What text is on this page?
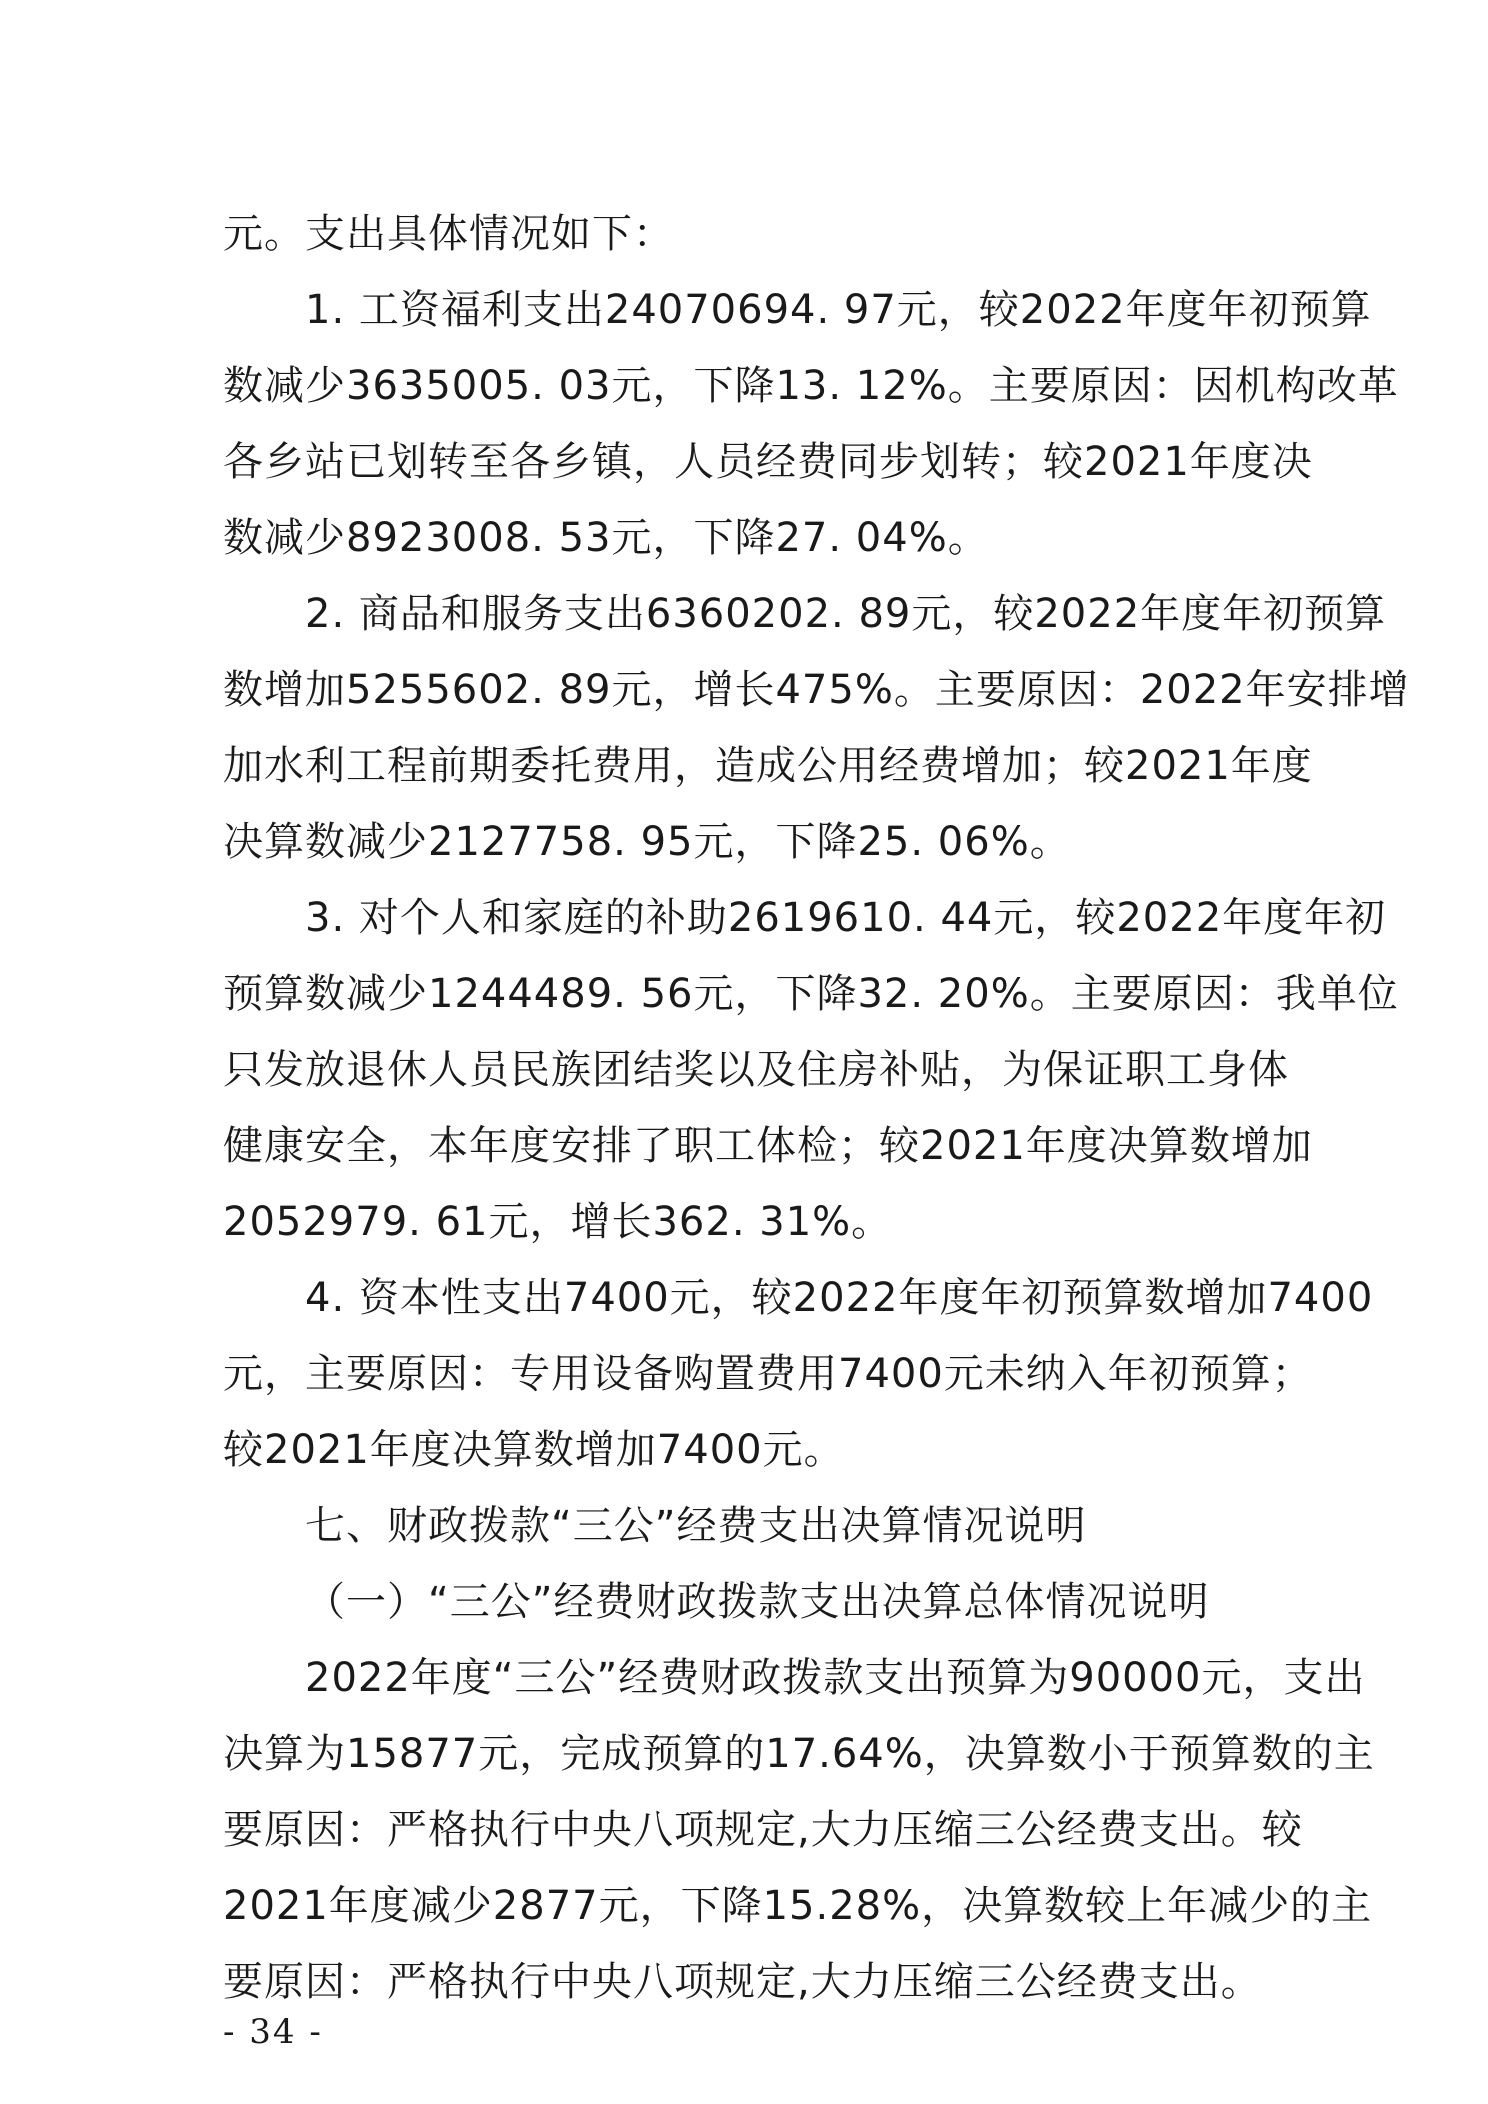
元。支出具体情况如下：
1. 工资福利支出24070694. 97元，较2022年度年初预算
数减少3635005. 03元，下降13. 12%。主要原因：因机构改革
各乡站已划转至各乡镇，人员经费同步划转；较2021年度决
数减少8923008. 53元，下降27. 04%。
2. 商品和服务支出6360202. 89元，较2022年度年初预算
数增加5255602. 89元，增长475%。主要原因：2022年安排增
加水利工程前期委托费用，造成公用经费增加；较2021年度
决算数减少2127758. 95元，下降25. 06%。
3. 对个人和家庭的补助2619610. 44元，较2022年度年初
预算数减少1244489. 56元，下降32. 20%。主要原因：我单位
只发放退休人员民族团结奖以及住房补贴，为保证职工身体
健康安全，本年度安排了职工体检；较2021年度决算数增加
2052979. 61元，增长362. 31%。
4. 资本性支出7400元，较2022年度年初预算数增加7400
元，主要原因：专用设备购置费用7400元未纳入年初预算；
较2021年度决算数增加7400元。
七、财政拨款“三公”经费支出决算情况说明
（一）“三公”经费财政拨款支出决算总体情况说明
2022年度“三公”经费财政拨款支出预算为90000元，支出
决算为15877元，完成预算的17.64%，决算数小于预算数的主
要原因：严格执行中央八项规定,大力压缩三公经费支出。较
2021年度减少2877元，下降15.28%，决算数较上年减少的主
要原因：严格执行中央八项规定,大力压缩三公经费支出。
- 34 -
